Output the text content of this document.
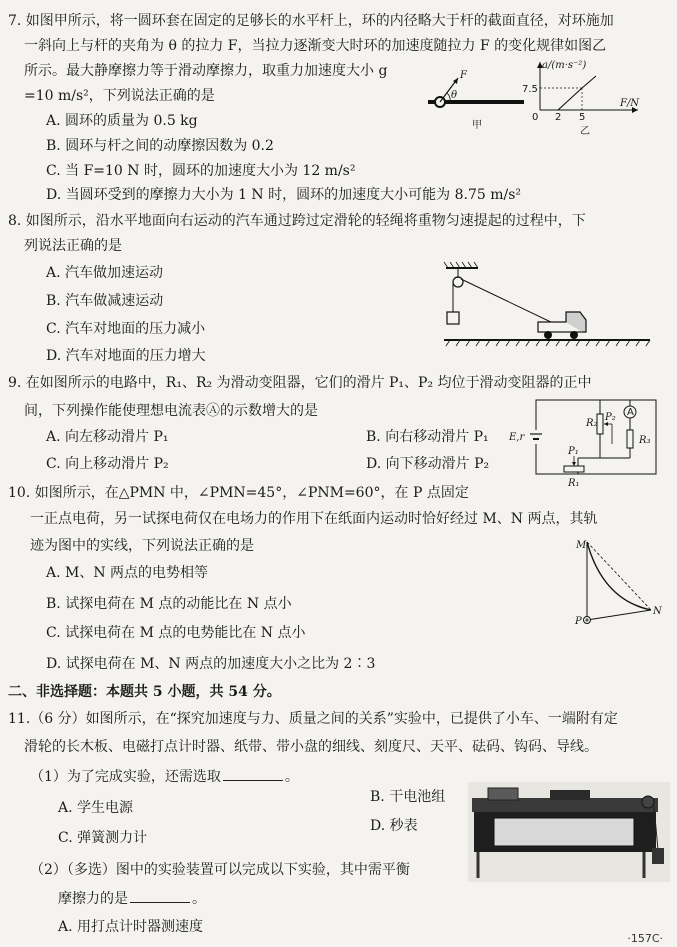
7. 如图甲所示，将一圆环套在固定的足够长的水平杆上，环的内径略大于杆的截面直径，对环施加
一斜向上与杆的夹角为 θ 的拉力 F，当拉力逐渐变大时环的加速度随拉力 F 的变化规律如图乙
所示。最大静摩擦力等于滑动摩擦力，取重力加速度大小 g
=10 m/s²，下列说法正确的是
A. 圆环的质量为 0.5 kg
B. 圆环与杆之间的动摩擦因数为 0.2
C. 当 F=10 N 时，圆环的加速度大小为 12 m/s²
D. 当圆环受到的摩擦力大小为 1 N 时，圆环的加速度大小可能为 8.75 m/s²
F
θ
甲
a/(m·s⁻²)
7.5
0 2 5
F/N
乙
8. 如图所示，沿水平地面向右运动的汽车通过跨过定滑轮的轻绳将重物匀速提起的过程中，下
列说法正确的是
A. 汽车做加速运动
B. 汽车做减速运动
C. 汽车对地面的压力减小
D. 汽车对地面的压力增大
9. 在如图所示的电路中，R₁、R₂ 为滑动变阻器，它们的滑片 P₁、P₂ 均位于滑动变阻器的正中
间，下列操作能使理想电流表Ⓐ的示数增大的是
A. 向左移动滑片 P₁	B. 向右移动滑片 P₁
C. 向上移动滑片 P₂	D. 向下移动滑片 P₂
E,r
R₂
P₂ A
R₃
P₁
R₁
10. 如图所示，在△PMN 中，∠PMN=45°，∠PNM=60°，在 P 点固定
一正点电荷，另一试探电荷仅在电场力的作用下在纸面内运动时恰好经过 M、N 两点，其轨
迹为图中的实线，下列说法正确的是
A. M、N 两点的电势相等
B. 试探电荷在 M 点的动能比在 N 点小
C. 试探电荷在 M 点的电势能比在 N 点小
D. 试探电荷在 M、N 两点的加速度大小之比为 2∶3
M
N
P
二、非选择题：本题共 5 小题，共 54 分。
11.（6 分）如图所示，在“探究加速度与力、质量之间的关系”实验中，已提供了小车、一端附有定
滑轮的长木板、电磁打点计时器、纸带、带小盘的细线、刻度尺、天平、砝码、钩码、导线。
（1）为了完成实验，还需选取	。
A. 学生电源
B. 干电池组
C. 弹簧测力计
D. 秒表
（2）（多选）图中的实验装置可以完成以下实验，其中需平衡
摩擦力的是	。
A. 用打点计时器测速度
·157C·
